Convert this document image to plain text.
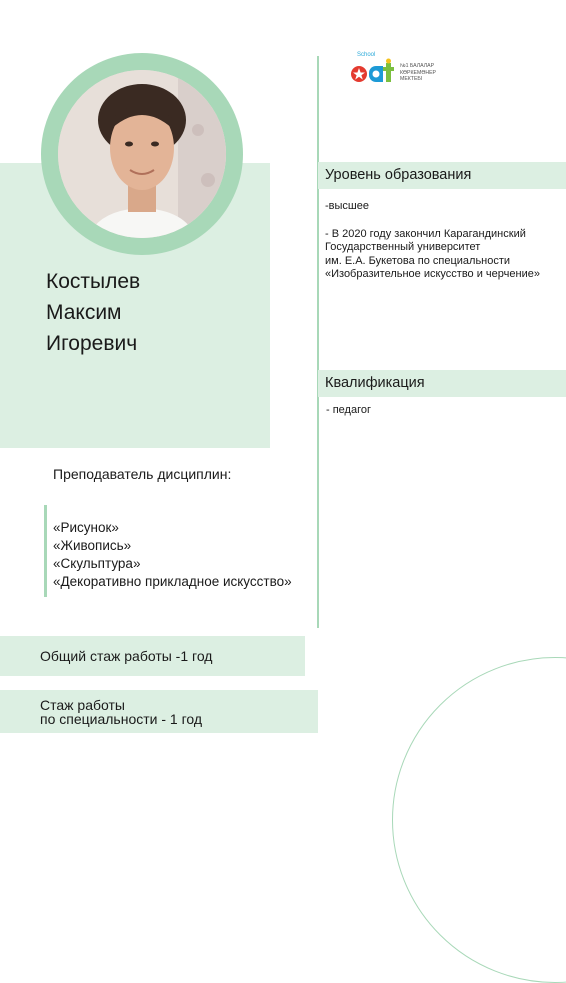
Костылев
Максим
Игоревич
Преподаватель дисциплин:
«Рисунок»
«Живопись»
«Скульптура»
«Декоративно прикладное искусство»
Общий стаж работы -1 год
Стаж работы
по специальности - 1 год
School
№1 БАЛАЛАР
КӨРКЕМӨНЕР
МЕКТЕБІ
Уровень образования

-высшее

- В 2020 году закончил Карагандинский

Государственный университет

им. Е.А. Букетова по специальности

«Изобразительное искусство и черчение»

Квалификация
- педагог
